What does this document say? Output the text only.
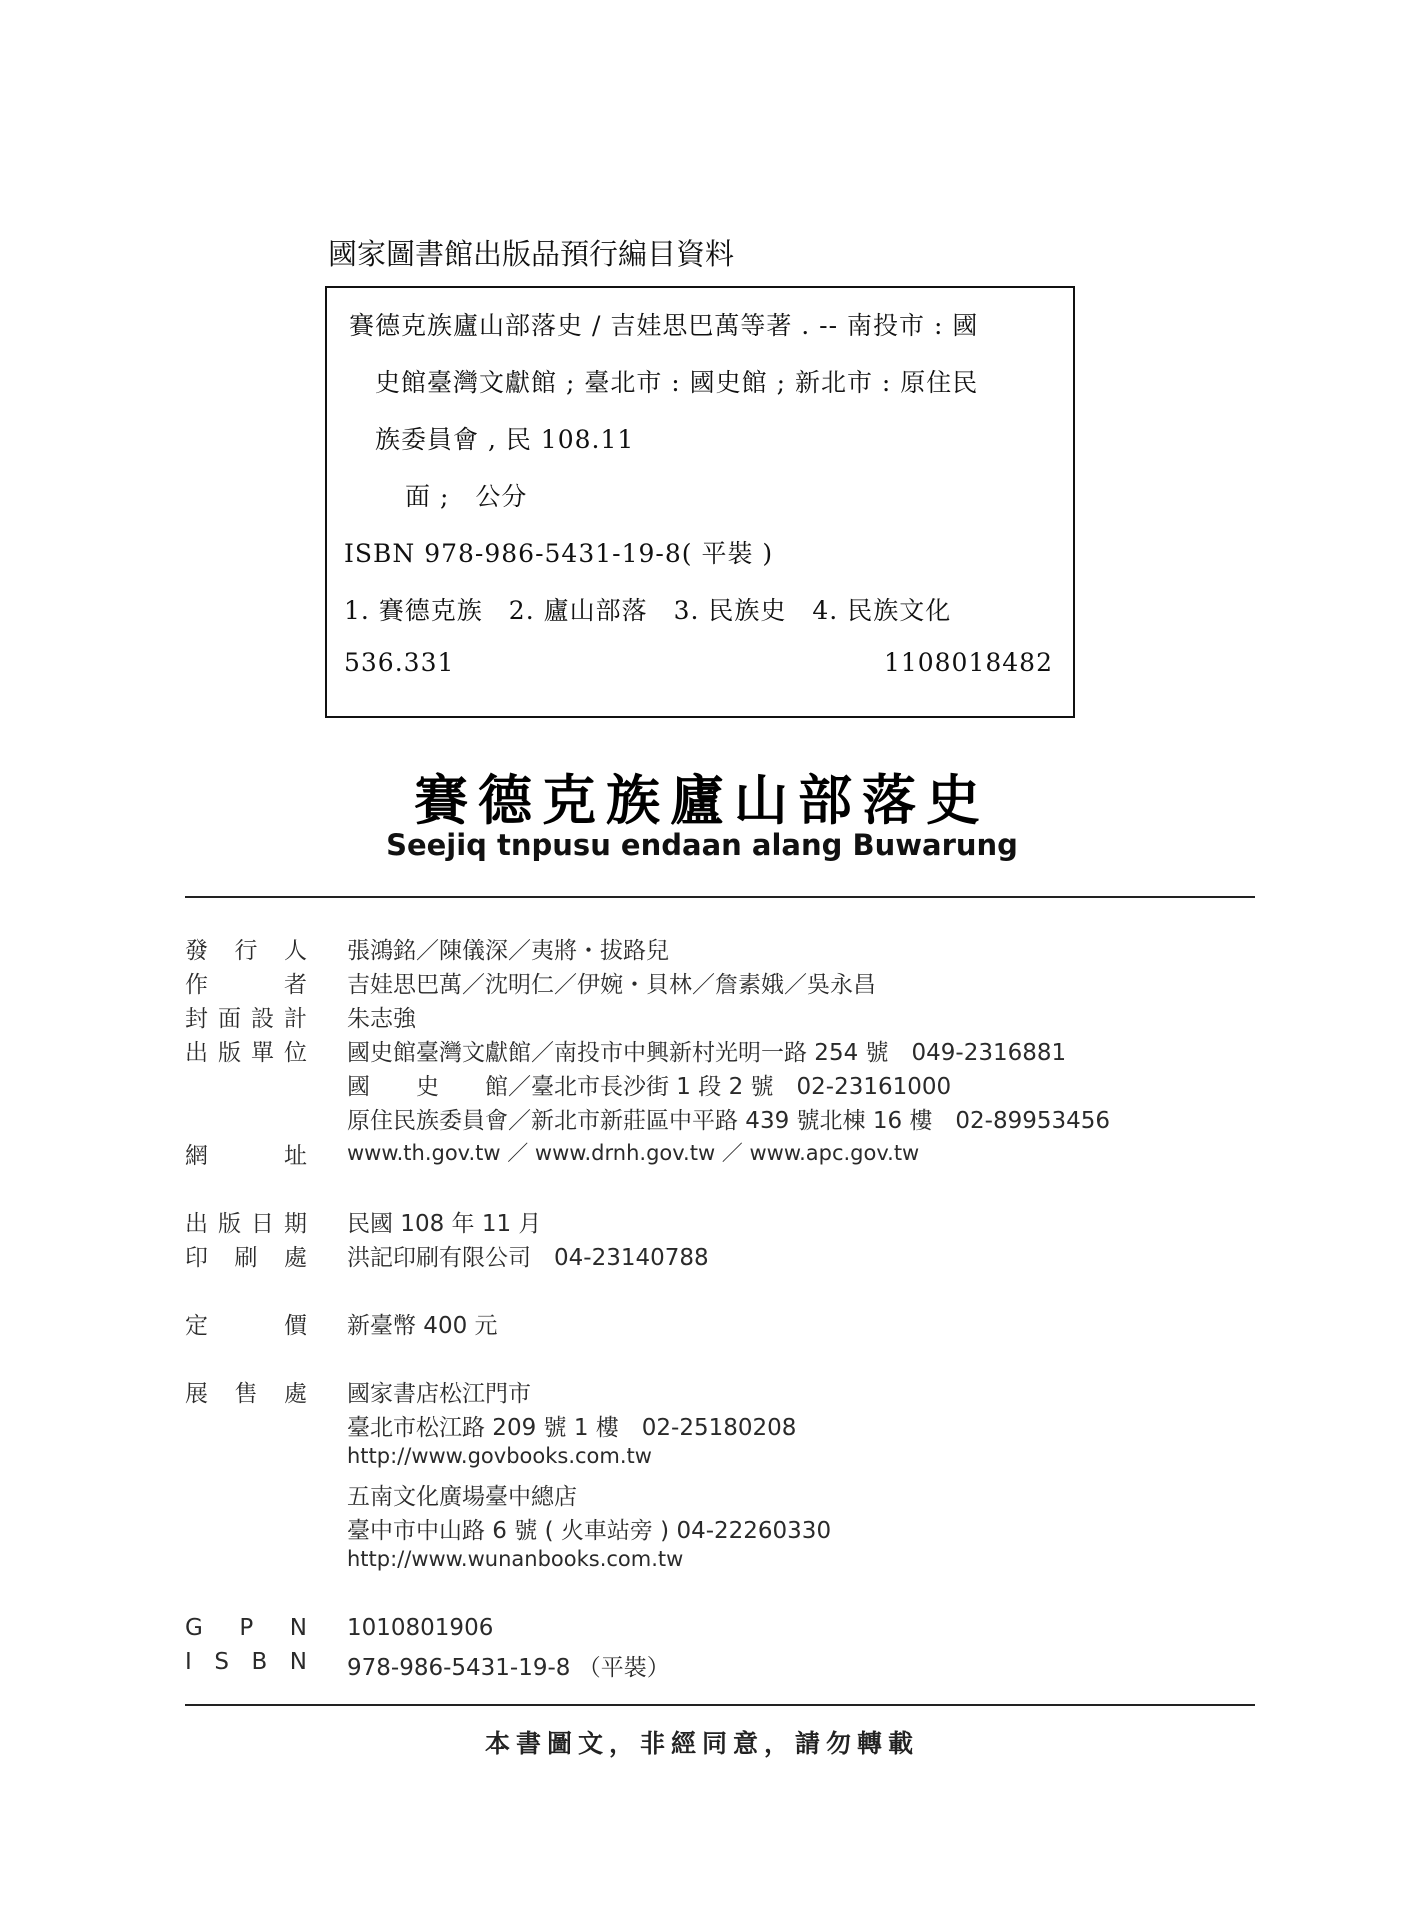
國家圖書館出版品預行編目資料
賽德克族廬山部落史 / 吉娃思巴萬等著 . -- 南投市 : 國
史館臺灣文獻館 ; 臺北市 : 國史館 ; 新北市 : 原住民
族委員會 , 民 108.11
面 ;　公分
ISBN 978-986-5431-19-8( 平裝 )
1. 賽德克族　2. 廬山部落　3. 民族史　4. 民族文化
536.331	1108018482
賽德克族廬山部落史
Seejiq tnpusu endaan alang Buwarung
發 行 人 張鴻銘／陳儀深／夷將・拔路兒
作	者 吉娃思巴萬／沈明仁／伊婉・貝林／詹素娥／吳永昌
封 面 設 計 朱志強
出 版 單 位 國史館臺灣文獻館／南投市中興新村光明一路 254 號　049-2316881
國　　史　　館／臺北市長沙街 1 段 2 號　02-23161000
原住民族委員會／新北市新莊區中平路 439 號北棟 16 樓　02-89953456
網	址 www.th.gov.tw ／ www.drnh.gov.tw ／ www.apc.gov.tw
出 版 日 期 民國 108 年 11 月
印 刷 處 洪記印刷有限公司　04-23140788
定	價 新臺幣 400 元
展 售 處 國家書店松江門市
臺北市松江路 209 號 1 樓　02-25180208
http://www.govbooks.com.tw
五南文化廣場臺中總店
臺中市中山路 6 號 ( 火車站旁 ) 04-22260330
http://www.wunanbooks.com.tw
G P N 1010801906
I S B N 978-986-5431-19-8 （平裝）
本書圖文，非經同意，請勿轉載
